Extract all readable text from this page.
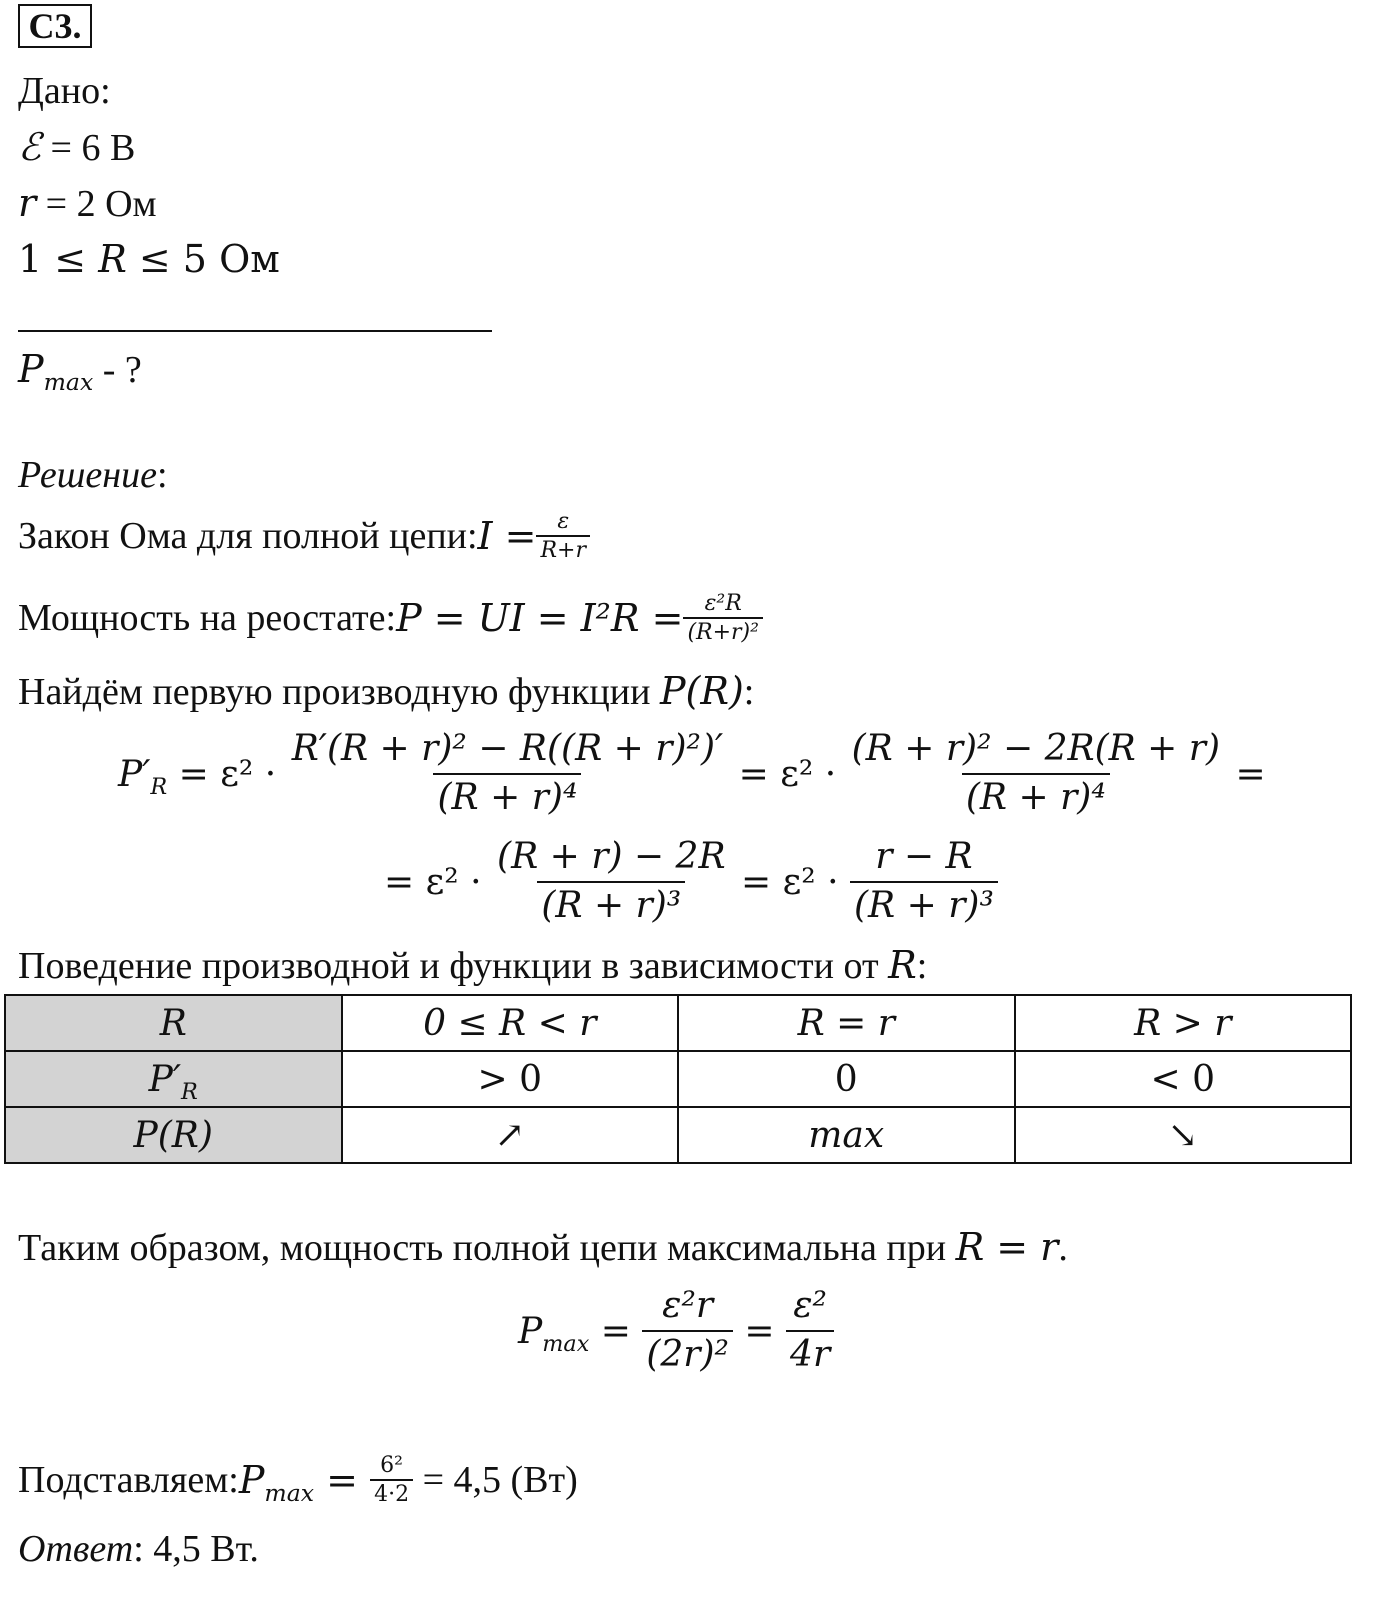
С3.
Дано:
ℰ = 6 В
r = 2 Ом
1 ≤ R ≤ 5 Ом
$P_{max}$ - ?
Решение:
Закон Ома для полной цепи: $I = \frac{\varepsilon}{R+r}$
Мощность на реостате: P = UI = $I^2R = \frac{\text{ε²R}}{\text{(R+r)²}}$
Найдём первую производную функции P(R):
$P'_R = \varepsilon^2 \cdot \frac{\text{R′(R + r)² − R((R + r)²)′}}{\text{(R + r)⁴}} = \varepsilon^2 \cdot \frac{\text{(R + r)² − 2R(R + r)}}{\text{(R + r)⁴}}$ =
= $\varepsilon^2 \cdot \frac{(R + r) - 2R}{\text{(R + r)³}} = \varepsilon^2 \cdot \frac{r - R}{\text{(R + r)³}}$
Поведение производной и функции в зависимости от R:
R	0 ≤ R < r	R = r	R > r
$P'_R$	> 0	0	< 0
P(R)	↗	max	↘
Таким образом, мощность полной цепи максимальна при R = r.
$P_{max} = \frac{\text{ε²r}}{\text{(2r)²}} = \frac{\text{ε²}}{4r}$
Подставляем: $P_{max} = \frac{\text{6²}}{4\cdot 2} = 4,5$ (Вт)
Ответ: 4,5 Вт.
